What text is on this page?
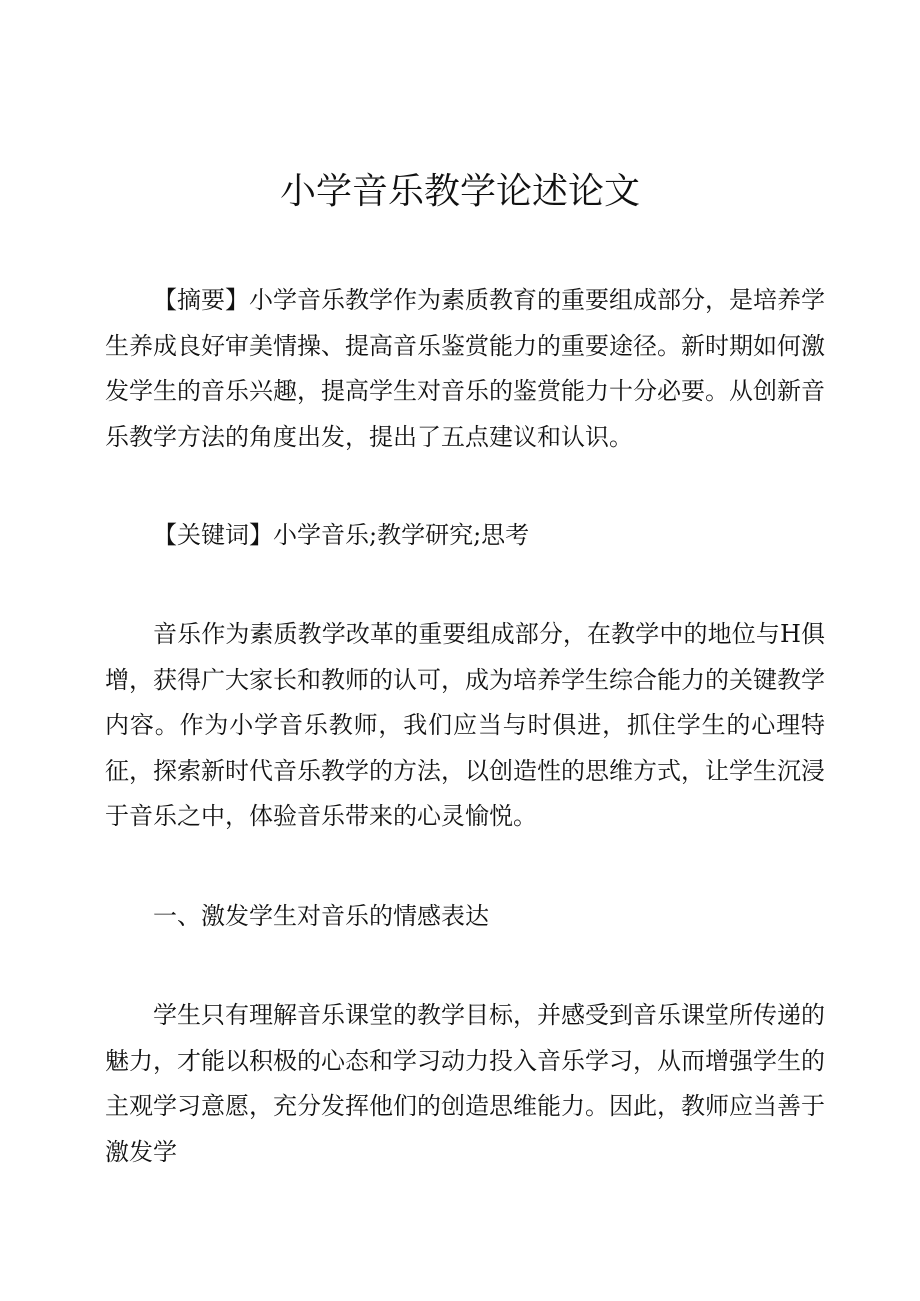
小学音乐教学论述论文

【摘要】小学音乐教学作为素质教育的重要组成部分，是培养学生养成良好审美情操、提高音乐鉴赏能力的重要途径。新时期如何激发学生的音乐兴趣，提高学生对音乐的鉴赏能力十分必要。从创新音乐教学方法的角度出发，提出了五点建议和认识。

【关键词】小学音乐;教学研究;思考

音乐作为素质教学改革的重要组成部分，在教学中的地位与H俱增，获得广大家长和教师的认可，成为培养学生综合能力的关键教学内容。作为小学音乐教师，我们应当与时俱进，抓住学生的心理特征，探索新时代音乐教学的方法，以创造性的思维方式，让学生沉浸于音乐之中，体验音乐带来的心灵愉悦。

一、激发学生对音乐的情感表达

学生只有理解音乐课堂的教学目标，并感受到音乐课堂所传递的魅力，才能以积极的心态和学习动力投入音乐学习，从而增强学生的主观学习意愿，充分发挥他们的创造思维能力。因此，教师应当善于激发学
